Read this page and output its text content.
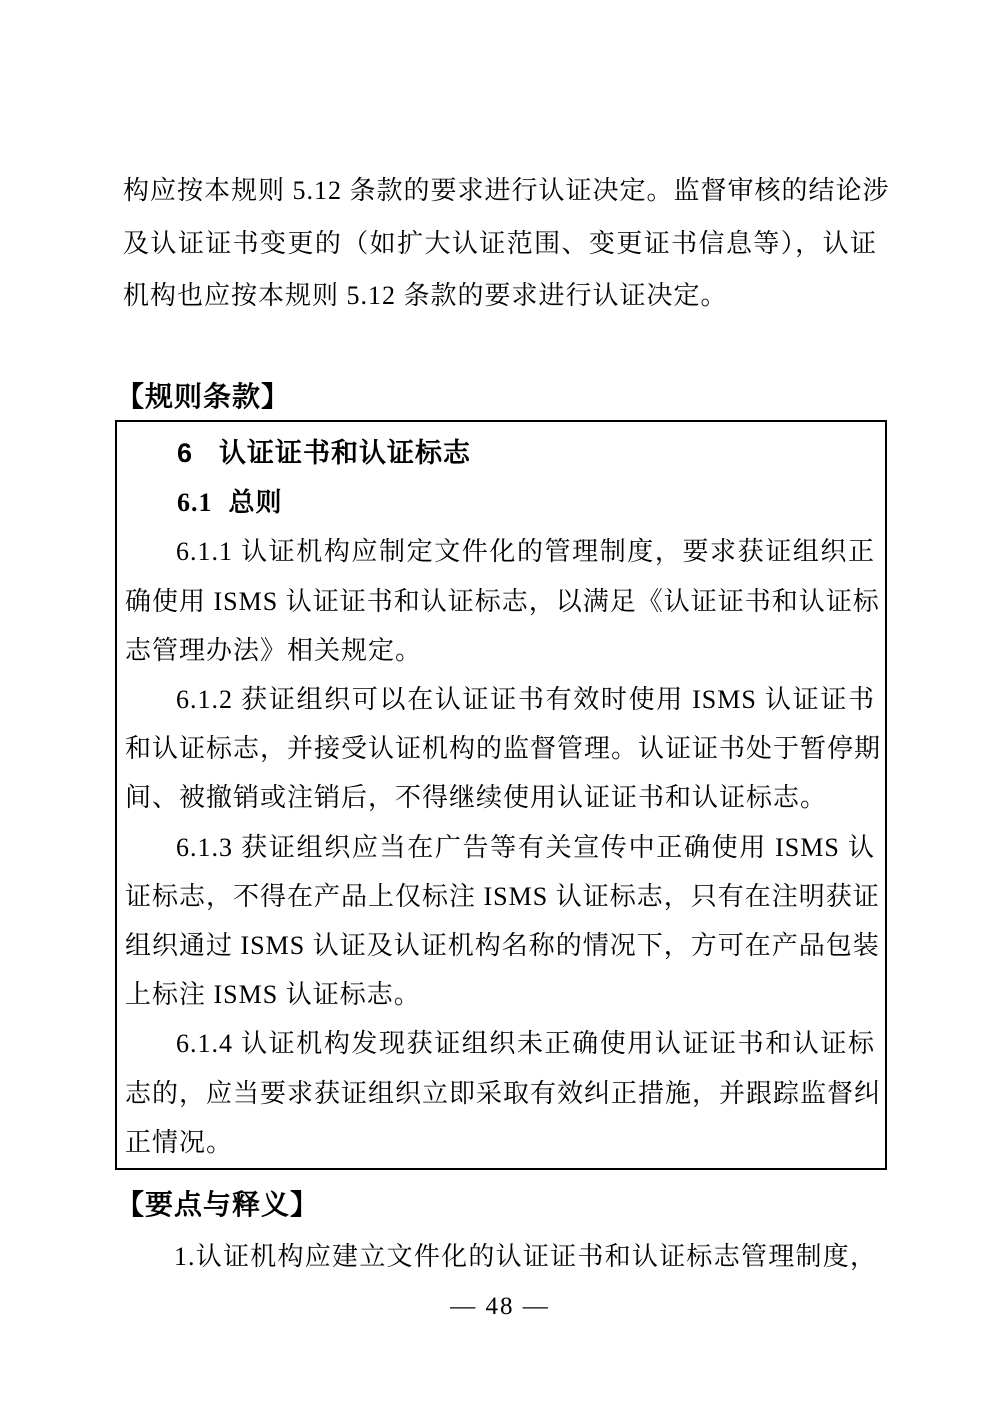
构应按本规则 5.12 条款的要求进行认证决定。监督审核的结论涉
及认证证书变更的（如扩大认证范围、变更证书信息等），认证
机构也应按本规则 5.12 条款的要求进行认证决定。
【规则条款】
6 认证证书和认证标志
6.1 总则
6.1.1 认证机构应制定文件化的管理制度，要求获证组织正
确使用 ISMS 认证证书和认证标志，以满足《认证证书和认证标
志管理办法》相关规定。
6.1.2 获证组织可以在认证证书有效时使用 ISMS 认证证书
和认证标志，并接受认证机构的监督管理。认证证书处于暂停期
间、被撤销或注销后，不得继续使用认证证书和认证标志。
6.1.3 获证组织应当在广告等有关宣传中正确使用 ISMS 认
证标志，不得在产品上仅标注 ISMS 认证标志，只有在注明获证
组织通过 ISMS 认证及认证机构名称的情况下，方可在产品包装
上标注 ISMS 认证标志。
6.1.4 认证机构发现获证组织未正确使用认证证书和认证标
志的，应当要求获证组织立即采取有效纠正措施，并跟踪监督纠
正情况。
【要点与释义】
1.认证机构应建立文件化的认证证书和认证标志管理制度，
— 48 —
